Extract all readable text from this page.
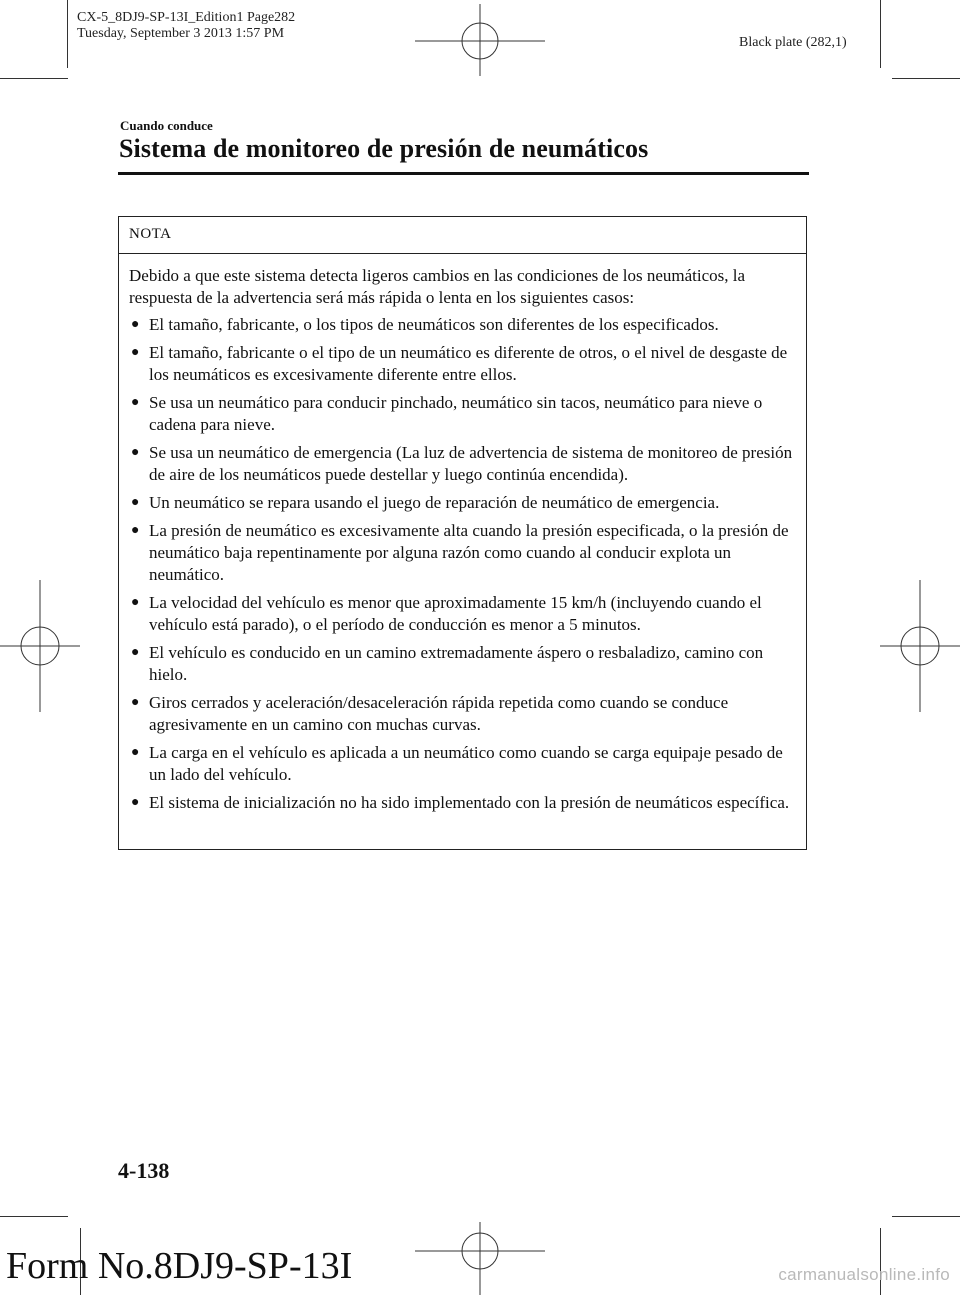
CX-5_8DJ9-SP-13I_Edition1 Page282
Tuesday, September 3 2013 1:57 PM
Black plate (282,1)
Cuando conduce
Sistema de monitoreo de presión de neumáticos
NOTA

Debido a que este sistema detecta ligeros cambios en las condiciones de los neumáticos, la respuesta de la advertencia será más rápida o lenta en los siguientes casos:

● El tamaño, fabricante, o los tipos de neumáticos son diferentes de los especificados.
● El tamaño, fabricante o el tipo de un neumático es diferente de otros, o el nivel de desgaste de los neumáticos es excesivamente diferente entre ellos.
● Se usa un neumático para conducir pinchado, neumático sin tacos, neumático para nieve o cadena para nieve.
● Se usa un neumático de emergencia (La luz de advertencia de sistema de monitoreo de presión de aire de los neumáticos puede destellar y luego continúa encendida).
● Un neumático se repara usando el juego de reparación de neumático de emergencia.
● La presión de neumático es excesivamente alta cuando la presión especificada, o la presión de neumático baja repentinamente por alguna razón como cuando al conducir explota un neumático.
● La velocidad del vehículo es menor que aproximadamente 15 km/h (incluyendo cuando el vehículo está parado), o el período de conducción es menor a 5 minutos.
● El vehículo es conducido en un camino extremadamente áspero o resbaladizo, camino con hielo.
● Giros cerrados y aceleración/desaceleración rápida repetida como cuando se conduce agresivamente en un camino con muchas curvas.
● La carga en el vehículo es aplicada a un neumático como cuando se carga equipaje pesado de un lado del vehículo.
● El sistema de inicialización no ha sido implementado con la presión de neumáticos específica.
4-138
Form No.8DJ9-SP-13I	carmanualsonline.info
